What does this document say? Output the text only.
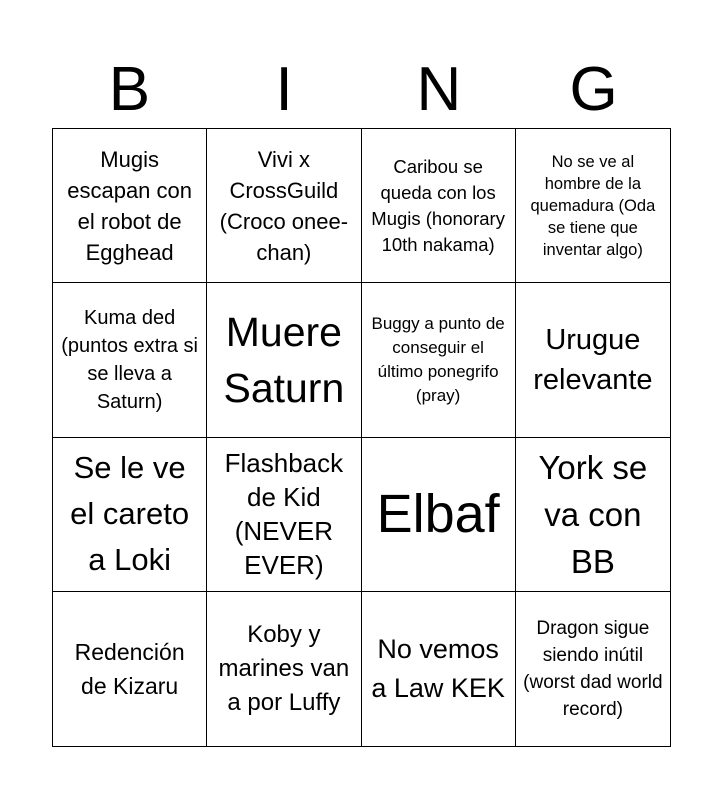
B	I	N	G
Mugis escapan con el robot de Egghead
Vivi x CrossGuild (Croco onee-chan)
Caribou se queda con los Mugis (honorary 10th nakama)
No se ve al hombre de la quemadura (Oda se tiene que inventar algo)
Kuma ded (puntos extra si se lleva a Saturn)
Muere Saturn
Buggy a punto de conseguir el último ponegrifo (pray)
Urugue relevante
Se le ve el careto a Loki
Flashback de Kid (NEVER EVER)
Elbaf
York se va con BB
Redención de Kizaru
Koby y marines van a por Luffy
No vemos a Law KEK
Dragon sigue siendo inútil (worst dad world record)
